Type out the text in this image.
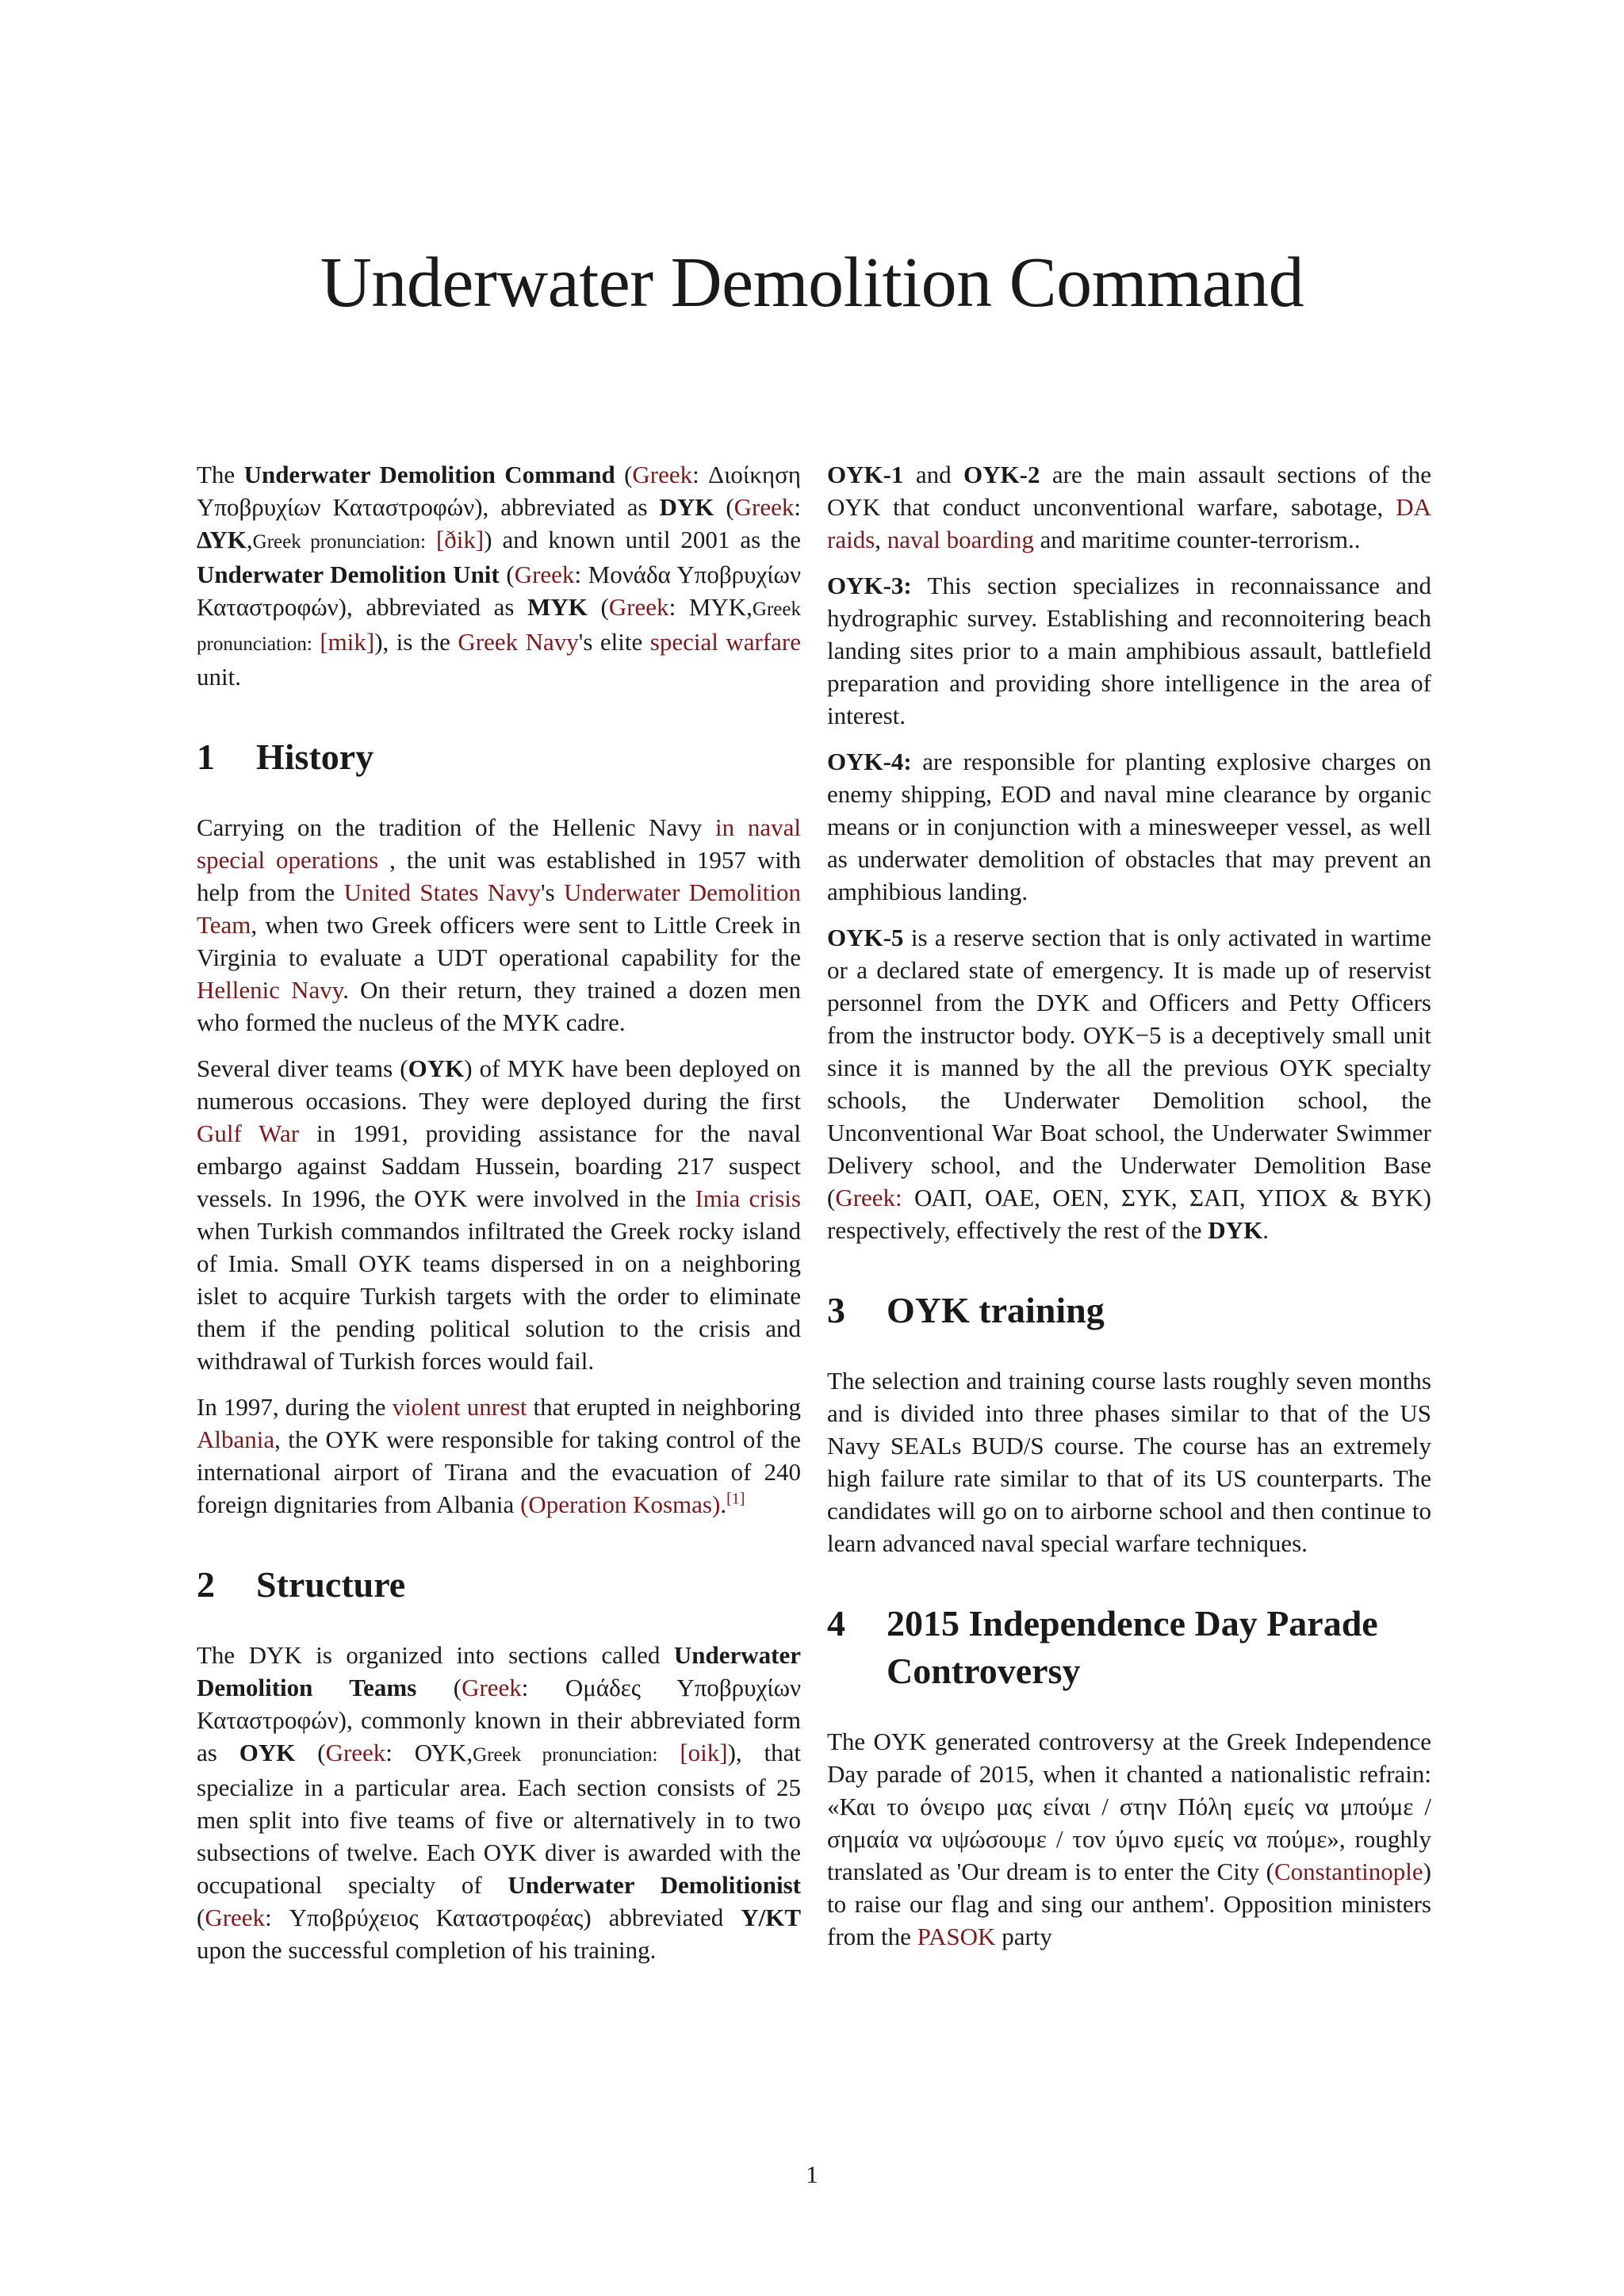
Underwater Demolition Command

The Underwater Demolition Command (Greek: Διοίκηση Υποβρυχίων Καταστροφών), abbreviated as DYK (Greek: ΔΥΚ,Greek pronunciation: [ðik]) and known until 2001 as the Underwater Demolition Unit (Greek: Μονάδα Υποβρυχίων Καταστροφών), abbreviated as MYK (Greek: ΜΥΚ,Greek pronunciation: [mik]), is the Greek Navy's elite special warfare unit.

1	History

Carrying on the tradition of the Hellenic Navy in naval special operations , the unit was established in 1957 with help from the United States Navy's Underwater Demolition Team, when two Greek officers were sent to Little Creek in Virginia to evaluate a UDT operational capability for the Hellenic Navy. On their return, they trained a dozen men who formed the nucleus of the MYK cadre.

Several diver teams (OYK) of MYK have been deployed on numerous occasions. They were deployed during the first Gulf War in 1991, providing assistance for the naval embargo against Saddam Hussein, boarding 217 suspect vessels. In 1996, the OYK were involved in the Imia crisis when Turkish commandos infiltrated the Greek rocky island of Imia. Small OYK teams dispersed in on a neighboring islet to acquire Turkish targets with the order to eliminate them if the pending political solution to the crisis and withdrawal of Turkish forces would fail.

In 1997, during the violent unrest that erupted in neighboring Albania, the OYK were responsible for taking control of the international airport of Tirana and the evacuation of 240 foreign dignitaries from Albania (Operation Kosmas).[1]

2	Structure

The DYK is organized into sections called Underwater Demolition Teams (Greek: Ομάδες Υποβρυχίων Καταστροφών), commonly known in their abbreviated form as OYK (Greek: ΟΥΚ,Greek pronunciation: [oik]), that specialize in a particular area. Each section consists of 25 men split into five teams of five or alternatively in to two subsections of twelve. Each OYK diver is awarded with the occupational specialty of Underwater Demolitionist (Greek: Υποβρύχειος Καταστροφέας) abbreviated Y/KT upon the successful completion of his training.

OYK-1 and OYK-2 are the main assault sections of the OYK that conduct unconventional warfare, sabotage, DA raids, naval boarding and maritime counter-terrorism..

OYK-3: This section specializes in reconnaissance and hydrographic survey. Establishing and reconnoitering beach landing sites prior to a main amphibious assault, battlefield preparation and providing shore intelligence in the area of interest.

OYK-4: are responsible for planting explosive charges on enemy shipping, EOD and naval mine clearance by organic means or in conjunction with a minesweeper vessel, as well as underwater demolition of obstacles that may prevent an amphibious landing.

OYK-5 is a reserve section that is only activated in wartime or a declared state of emergency. It is made up of reservist personnel from the DYK and Officers and Petty Officers from the instructor body. ΟΥΚ−5 is a deceptively small unit since it is manned by the all the previous OYK specialty schools, the Underwater Demolition school, the Unconventional War Boat school, the Underwater Swimmer Delivery school, and the Underwater Demolition Base (Greek: ΟΑΠ, ΟΑΕ, ΟΕΝ, ΣΥΚ, ΣΑΠ, ΥΠΟΧ & ΒΥΚ) respectively, effectively the rest of the DYK.

3	OYK training

The selection and training course lasts roughly seven months and is divided into three phases similar to that of the US Navy SEALs BUD/S course. The course has an extremely high failure rate similar to that of its US counterparts. The candidates will go on to airborne school and then continue to learn advanced naval special warfare techniques.

4	2015 Independence Day Parade Controversy

The OYK generated controversy at the Greek Independence Day parade of 2015, when it chanted a nationalistic refrain: «Και το όνειρο μας είναι / στην Πόλη εμείς να μπούμε / σημαία να υψώσουμε / τον ύμνο εμείς να πούμε», roughly translated as 'Our dream is to enter the City (Constantinople) to raise our flag and sing our anthem'. Opposition ministers from the PASOK party

1
